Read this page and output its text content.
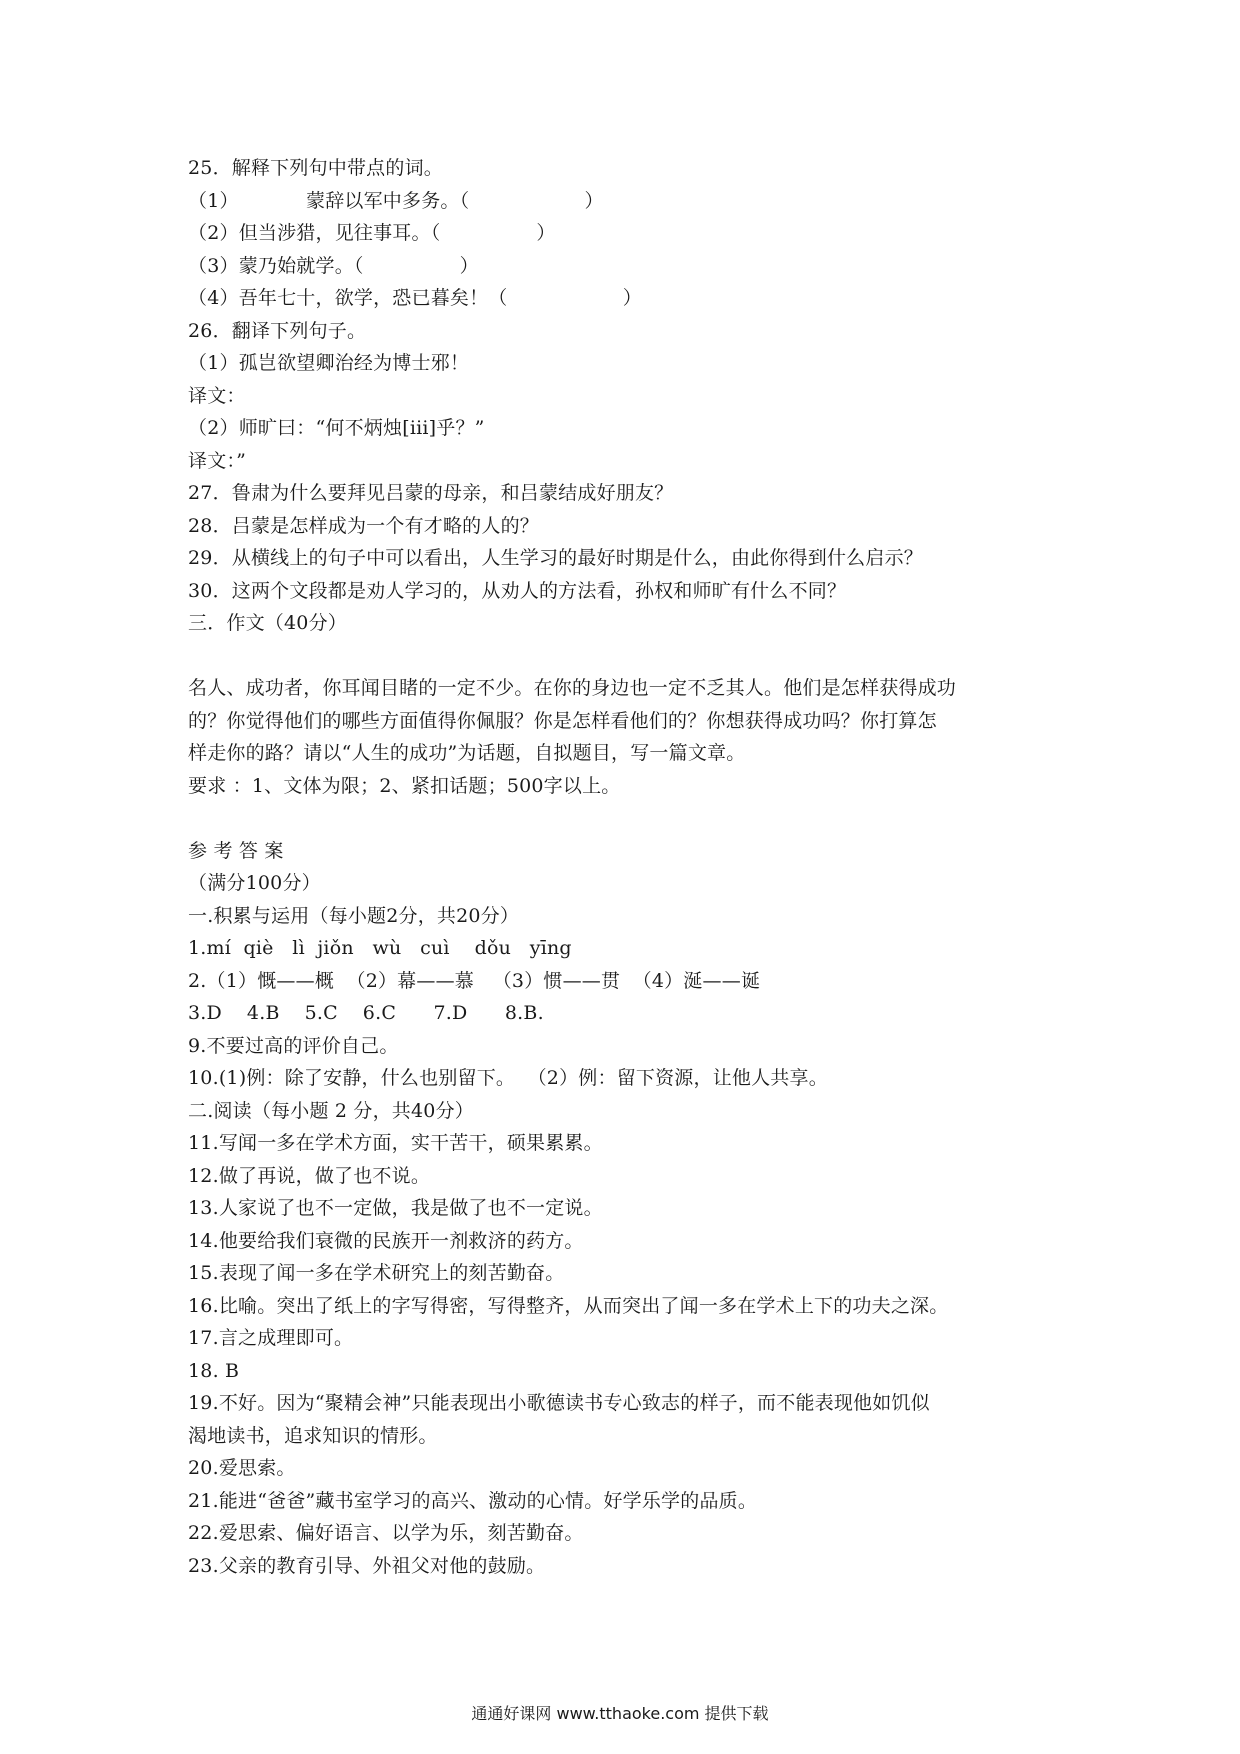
25．解释下列句中带点的词。
（1）　　　　蒙辞以军中多务。（　　　　　　）
（2）但当涉猎，见往事耳。（　　　　　）
（3）蒙乃始就学。（　　　　　）
（4）吾年七十，欲学，恐已暮矣！（　　　　　　）
26．翻译下列句子。
（1）孤岂欲望卿治经为博士邪！
译文：
（2）师旷曰：“何不炳烛[iii]乎？”
译文：”
27．鲁肃为什么要拜见吕蒙的母亲，和吕蒙结成好朋友？
28．吕蒙是怎样成为一个有才略的人的？
29．从横线上的句子中可以看出，人生学习的最好时期是什么，由此你得到什么启示？
30．这两个文段都是劝人学习的，从劝人的方法看，孙权和师旷有什么不同？
三．作文（40分）
名人、成功者，你耳闻目睹的一定不少。在你的身边也一定不乏其人。他们是怎样获得成功
的？你觉得他们的哪些方面值得你佩服？你是怎样看他们的？你想获得成功吗？你打算怎
样走你的路？请以“人生的成功”为话题，自拟题目，写一篇文章。
要求 ：1、文体为限；2、紧扣话题；500字以上。
参 考 答 案
（满分100分）
一.积累与运用（每小题2分，共20分）
1.mí  qiè   lì  jiǒn   wù   cuì    dǒu   yīng
2.（1）慨——概  （2）幕——慕   （3）惯——贯  （4）涎——诞
3.D    4.B    5.C    6.C      7.D      8.B.
9.不要过高的评价自己。
10.(1)例：除了安静，什么也别留下。  （2）例：留下资源，让他人共享。
二.阅读（每小题 2 分，共40分）
11.写闻一多在学术方面，实干苦干，硕果累累。
12.做了再说，做了也不说。
13.人家说了也不一定做，我是做了也不一定说。
14.他要给我们衰微的民族开一剂救济的药方。
15.表现了闻一多在学术研究上的刻苦勤奋。
16.比喻。突出了纸上的字写得密，写得整齐，从而突出了闻一多在学术上下的功夫之深。
17.言之成理即可。
18. B
19.不好。因为“聚精会神”只能表现出小歌德读书专心致志的样子，而不能表现他如饥似
渴地读书，追求知识的情形。
20.爱思索。
21.能进“爸爸”藏书室学习的高兴、激动的心情。好学乐学的品质。
22.爱思索、偏好语言、以学为乐，刻苦勤奋。
23.父亲的教育引导、外祖父对他的鼓励。
通通好课网 www.tthaoke.com 提供下载
